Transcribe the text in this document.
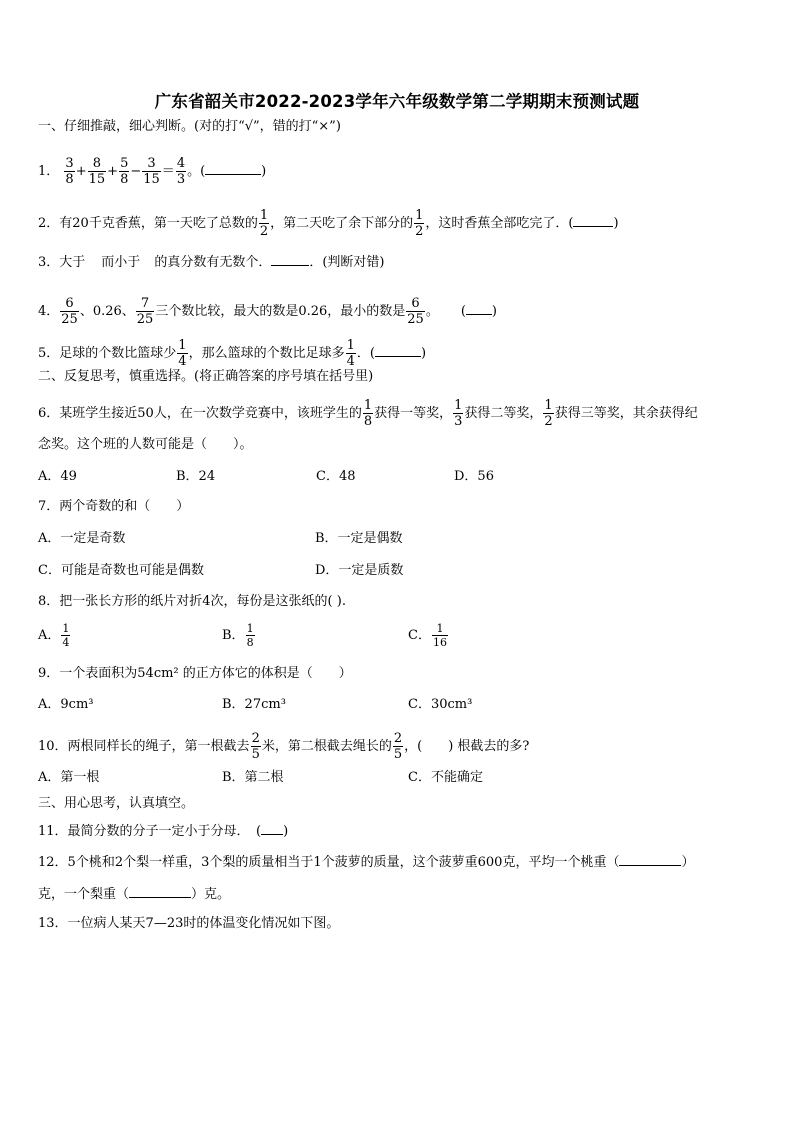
广东省韶关市2022-2023学年六年级数学第二学期期末预测试题
一、仔细推敲，细心判断。(对的打“√”，错的打“×”)
1． $\frac{3}{8} + \frac{8}{15} + \frac{5}{8} - \frac{3}{15} = \frac{4}{3}$ 。(	)
2．有20千克香蕉，第一天吃了总数的 $\frac{1}{2}$ ，第二天吃了余下部分的 $\frac{1}{2}$ ，这时香蕉全部吃完了．(	)
3．大于 而小于 的真分数有无数个．	．(判断对错)
4． $\frac{6}{25}$ 、0.26、 $\frac{7}{25}$ 三个数比较，最大的数是0.26，最小的数是 $\frac{6}{25}$ 。 ( )
5．足球的个数比篮球少 $\frac{1}{4}$ ，那么篮球的个数比足球多 $\frac{1}{4}$ ．(	)
二、反复思考，慎重选择。(将正确答案的序号填在括号里)
6．某班学生接近50人，在一次数学竞赛中，该班学生的 $\frac{1}{8}$ 获得一等奖， $\frac{1}{3}$ 获得二等奖， $\frac{1}{2}$ 获得三等奖，其余获得纪
念奖。这个班的人数可能是（　　）。
A．49	B．24	C．48	D．56
7．两个奇数的和（　　）
A．一定是奇数	B．一定是偶数
C．可能是奇数也可能是偶数	D．一定是质数
8．把一张长方形的纸片对折4次，每份是这张纸的( ).
A． $\frac{1}{4}$	B． $\frac{1}{8}$	C． $\frac{1}{16}$
9．一个表面积为54cm² 的正方体它的体积是（　　）
A．9cm³	B．27cm³	C．30cm³
10．两根同样长的绳子，第一根截去 $\frac{2}{5}$ 米，第二根截去绳长的 $\frac{2}{5}$ ，(　　) 根截去的多?
A．第一根	B．第二根	C．不能确定
三、用心思考，认真填空。
11．最简分数的分子一定小于分母．　( )
12．5个桃和2个梨一样重，3个梨的质量相当于1个菠萝的质量，这个菠萝重600克，平均一个桃重（	）
克，一个梨重（	）克。
13．一位病人某天7—23时的体温变化情况如下图。
